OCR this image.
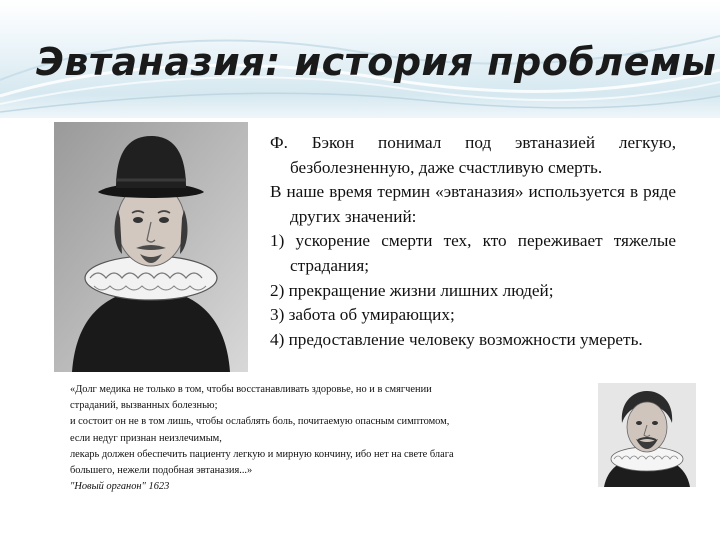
Эвтаназия: история проблемы

Ф. Бэкон понимал под эвтаназией легкую, безболезненную, даже счастливую смерть.

В наше время термин «эвтаназия» используется в ряде других значений:

1) ускорение смерти тех, кто переживает тяжелые страдания;

2) прекращение жизни лишних людей;

3) забота об умирающих;

4) предоставление человеку возможности умереть.

«Долг медика не только в том, чтобы восстанавливать здоровье, но и в смягчении
страданий, вызванных болезнью;
и состоит он не в том лишь, чтобы ослаблять боль, почитаемую опасным симптомом,
если недуг признан неизлечимым,
лекарь должен обеспечить пациенту легкую и мирную кончину, ибо нет на свете блага
большего, нежели подобная эвтаназия...»
"Новый органон" 1623
